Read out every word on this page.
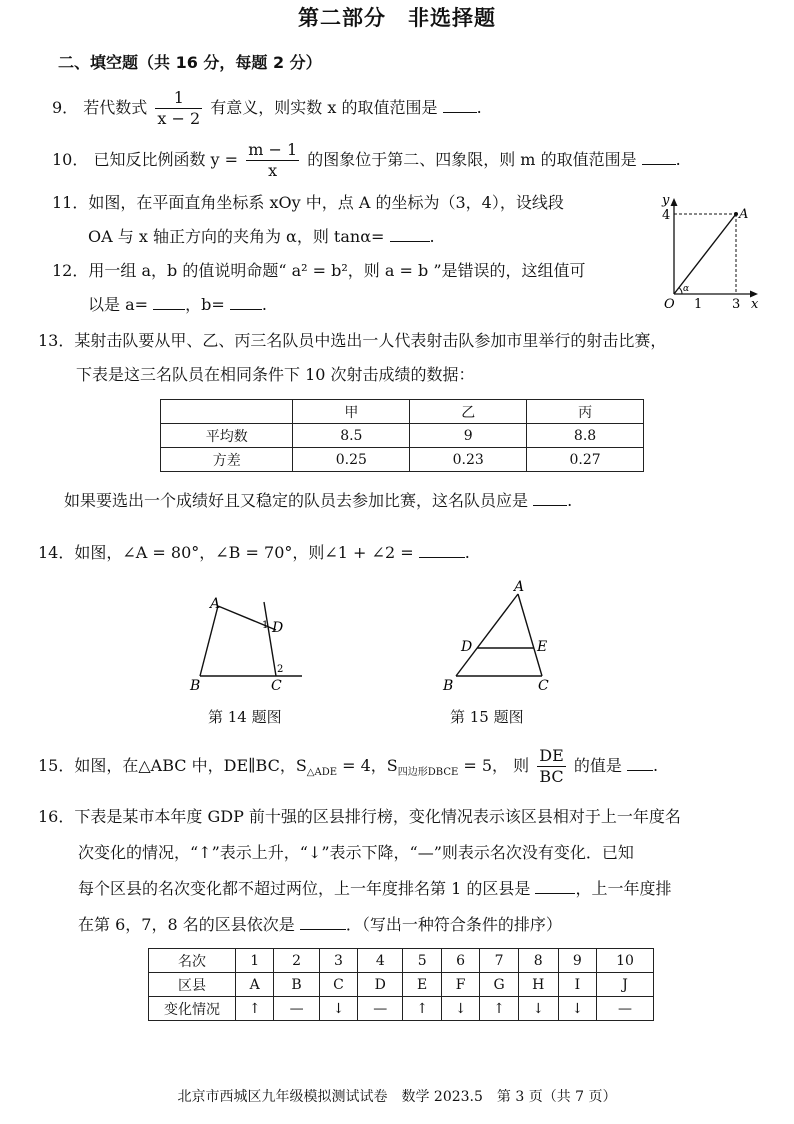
第二部分　非选择题
二、填空题（共 16 分，每题 2 分）
9． 若代数式 $\frac{1}{x - 2}$ 有意义，则实数 x 的取值范围是 .
10． 已知反比例函数 $y = \frac{m - 1}{x}$ 的图象位于第二、四象限，则 m 的取值范围是 .
11．如图，在平面直角坐标系 xOy 中，点 A 的坐标为（3，4），设线段
OA 与 x 轴正方向的夹角为 α，则 tanα=	.
12．用一组 a，b 的值说明命题“ a² = b²，则 a = b ”是错误的，这组值可
以是 a= ，b= .
y
x
O
4
1 3
A
α
13．某射击队要从甲、乙、丙三名队员中选出一人代表射击队参加市里举行的射击比赛，
下表是这三名队员在相同条件下 10 次射击成绩的数据：
	甲	乙	丙
平均数	8.5	9	8.8
方差	0.25	0.23	0.27
如果要选出一个成绩好且又稳定的队员去参加比赛，这名队员应是 .
14．如图，∠A = 80°，∠B = 70°，则∠1 + ∠2 =	.
A
B	C
D
1
2
第 14 题图
A
B	C
D	E
第 15 题图
15．如图，在△ABC 中，DE∥BC，$S_{\triangle ADE} = 4$，$S_{四边形DBCE} = 5$， 则 $\frac{DE}{BC}$ 的值是 .
16．下表是某市本年度 GDP 前十强的区县排行榜，变化情况表示该区县相对于上一年度名
次变化的情况，“↑”表示上升，“↓”表示下降，“—”则表示名次没有变化．已知
每个区县的名次变化都不超过两位，上一年度排名第 1 的区县是	，上一年度排
在第 6，7，8 名的区县依次是	．（写出一种符合条件的排序）
名次	1	2	3	4	5	6	7	8	9	10
区县	A	B	C	D	E	F	G	H	I	J
变化情况	↑	—	↓	—	↑	↓	↑	↓	↓	—
北京市西城区九年级模拟测试试卷　数学 2023.5　第 3 页（共 7 页）
